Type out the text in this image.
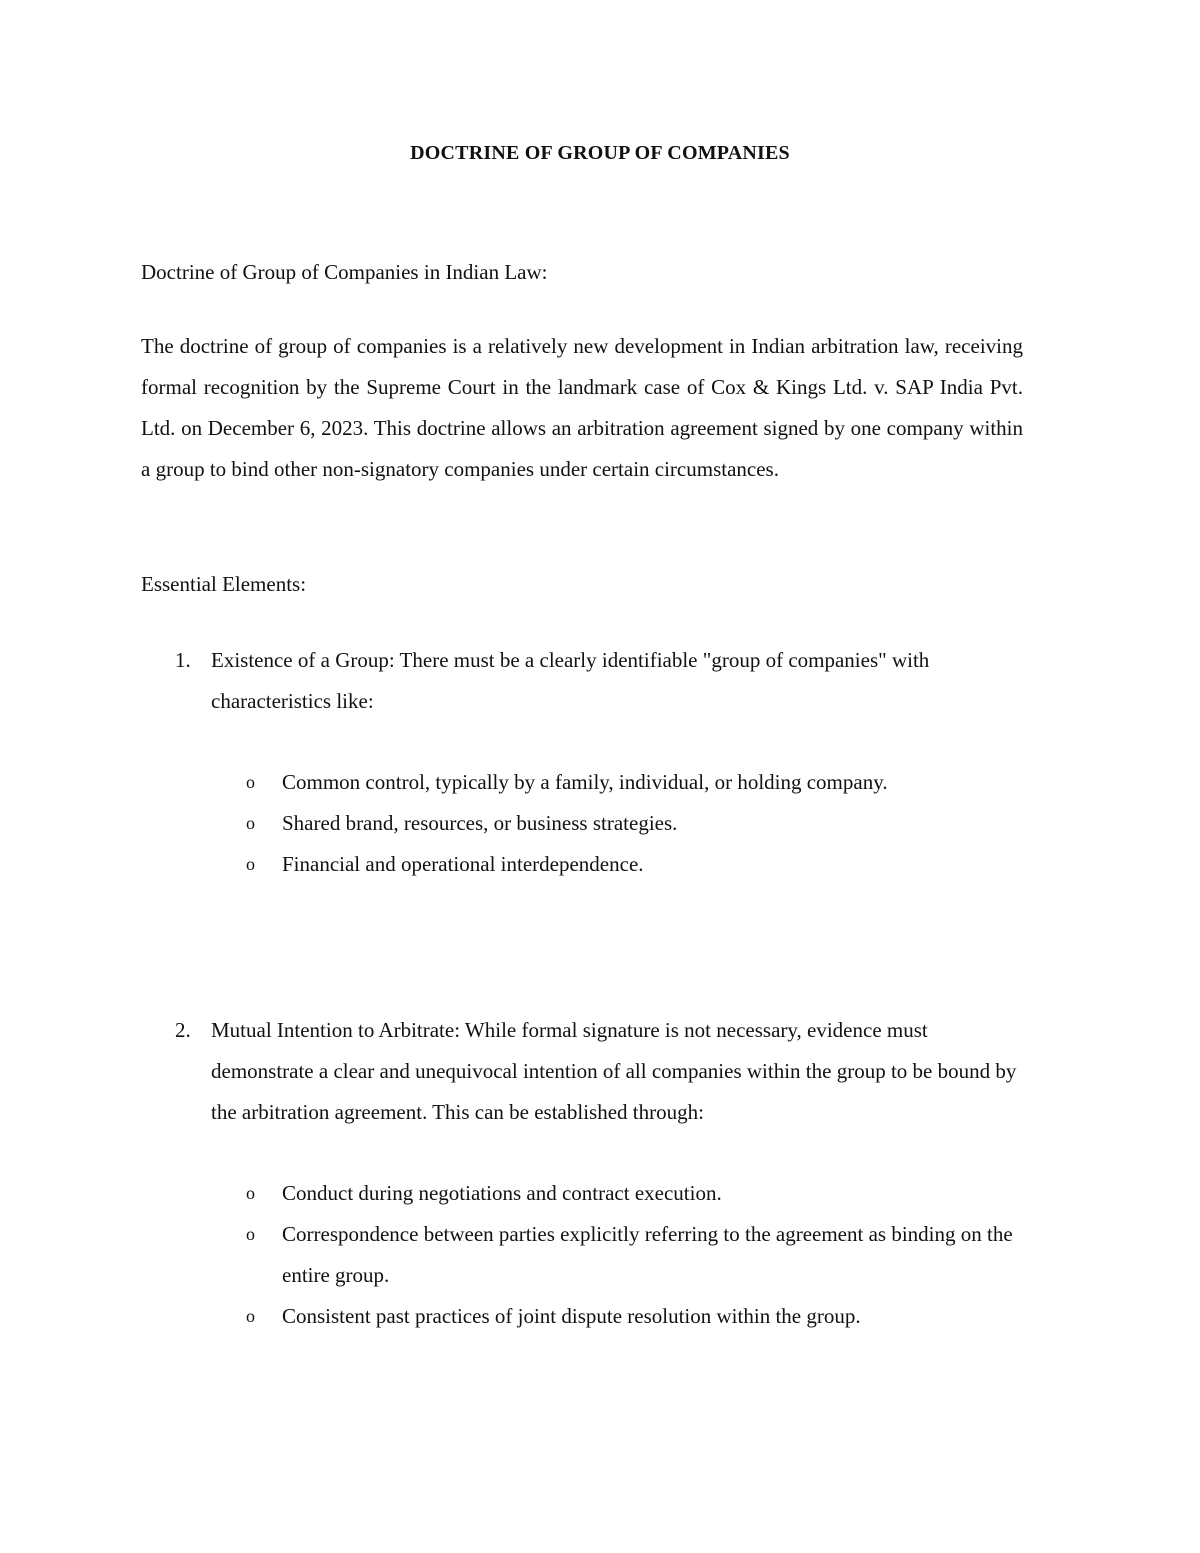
DOCTRINE OF GROUP OF COMPANIES
Doctrine of Group of Companies in Indian Law:
The doctrine of group of companies is a relatively new development in Indian arbitration law, receiving formal recognition by the Supreme Court in the landmark case of Cox & Kings Ltd. v. SAP India Pvt. Ltd. on December 6, 2023. This doctrine allows an arbitration agreement signed by one company within a group to bind other non-signatory companies under certain circumstances.
Essential Elements:
1. Existence of a Group: There must be a clearly identifiable "group of companies" with characteristics like:
o Common control, typically by a family, individual, or holding company.
o Shared brand, resources, or business strategies.
o Financial and operational interdependence.
2. Mutual Intention to Arbitrate: While formal signature is not necessary, evidence must demonstrate a clear and unequivocal intention of all companies within the group to be bound by the arbitration agreement. This can be established through:
o Conduct during negotiations and contract execution.
o Correspondence between parties explicitly referring to the agreement as binding on the entire group.
o Consistent past practices of joint dispute resolution within the group.
